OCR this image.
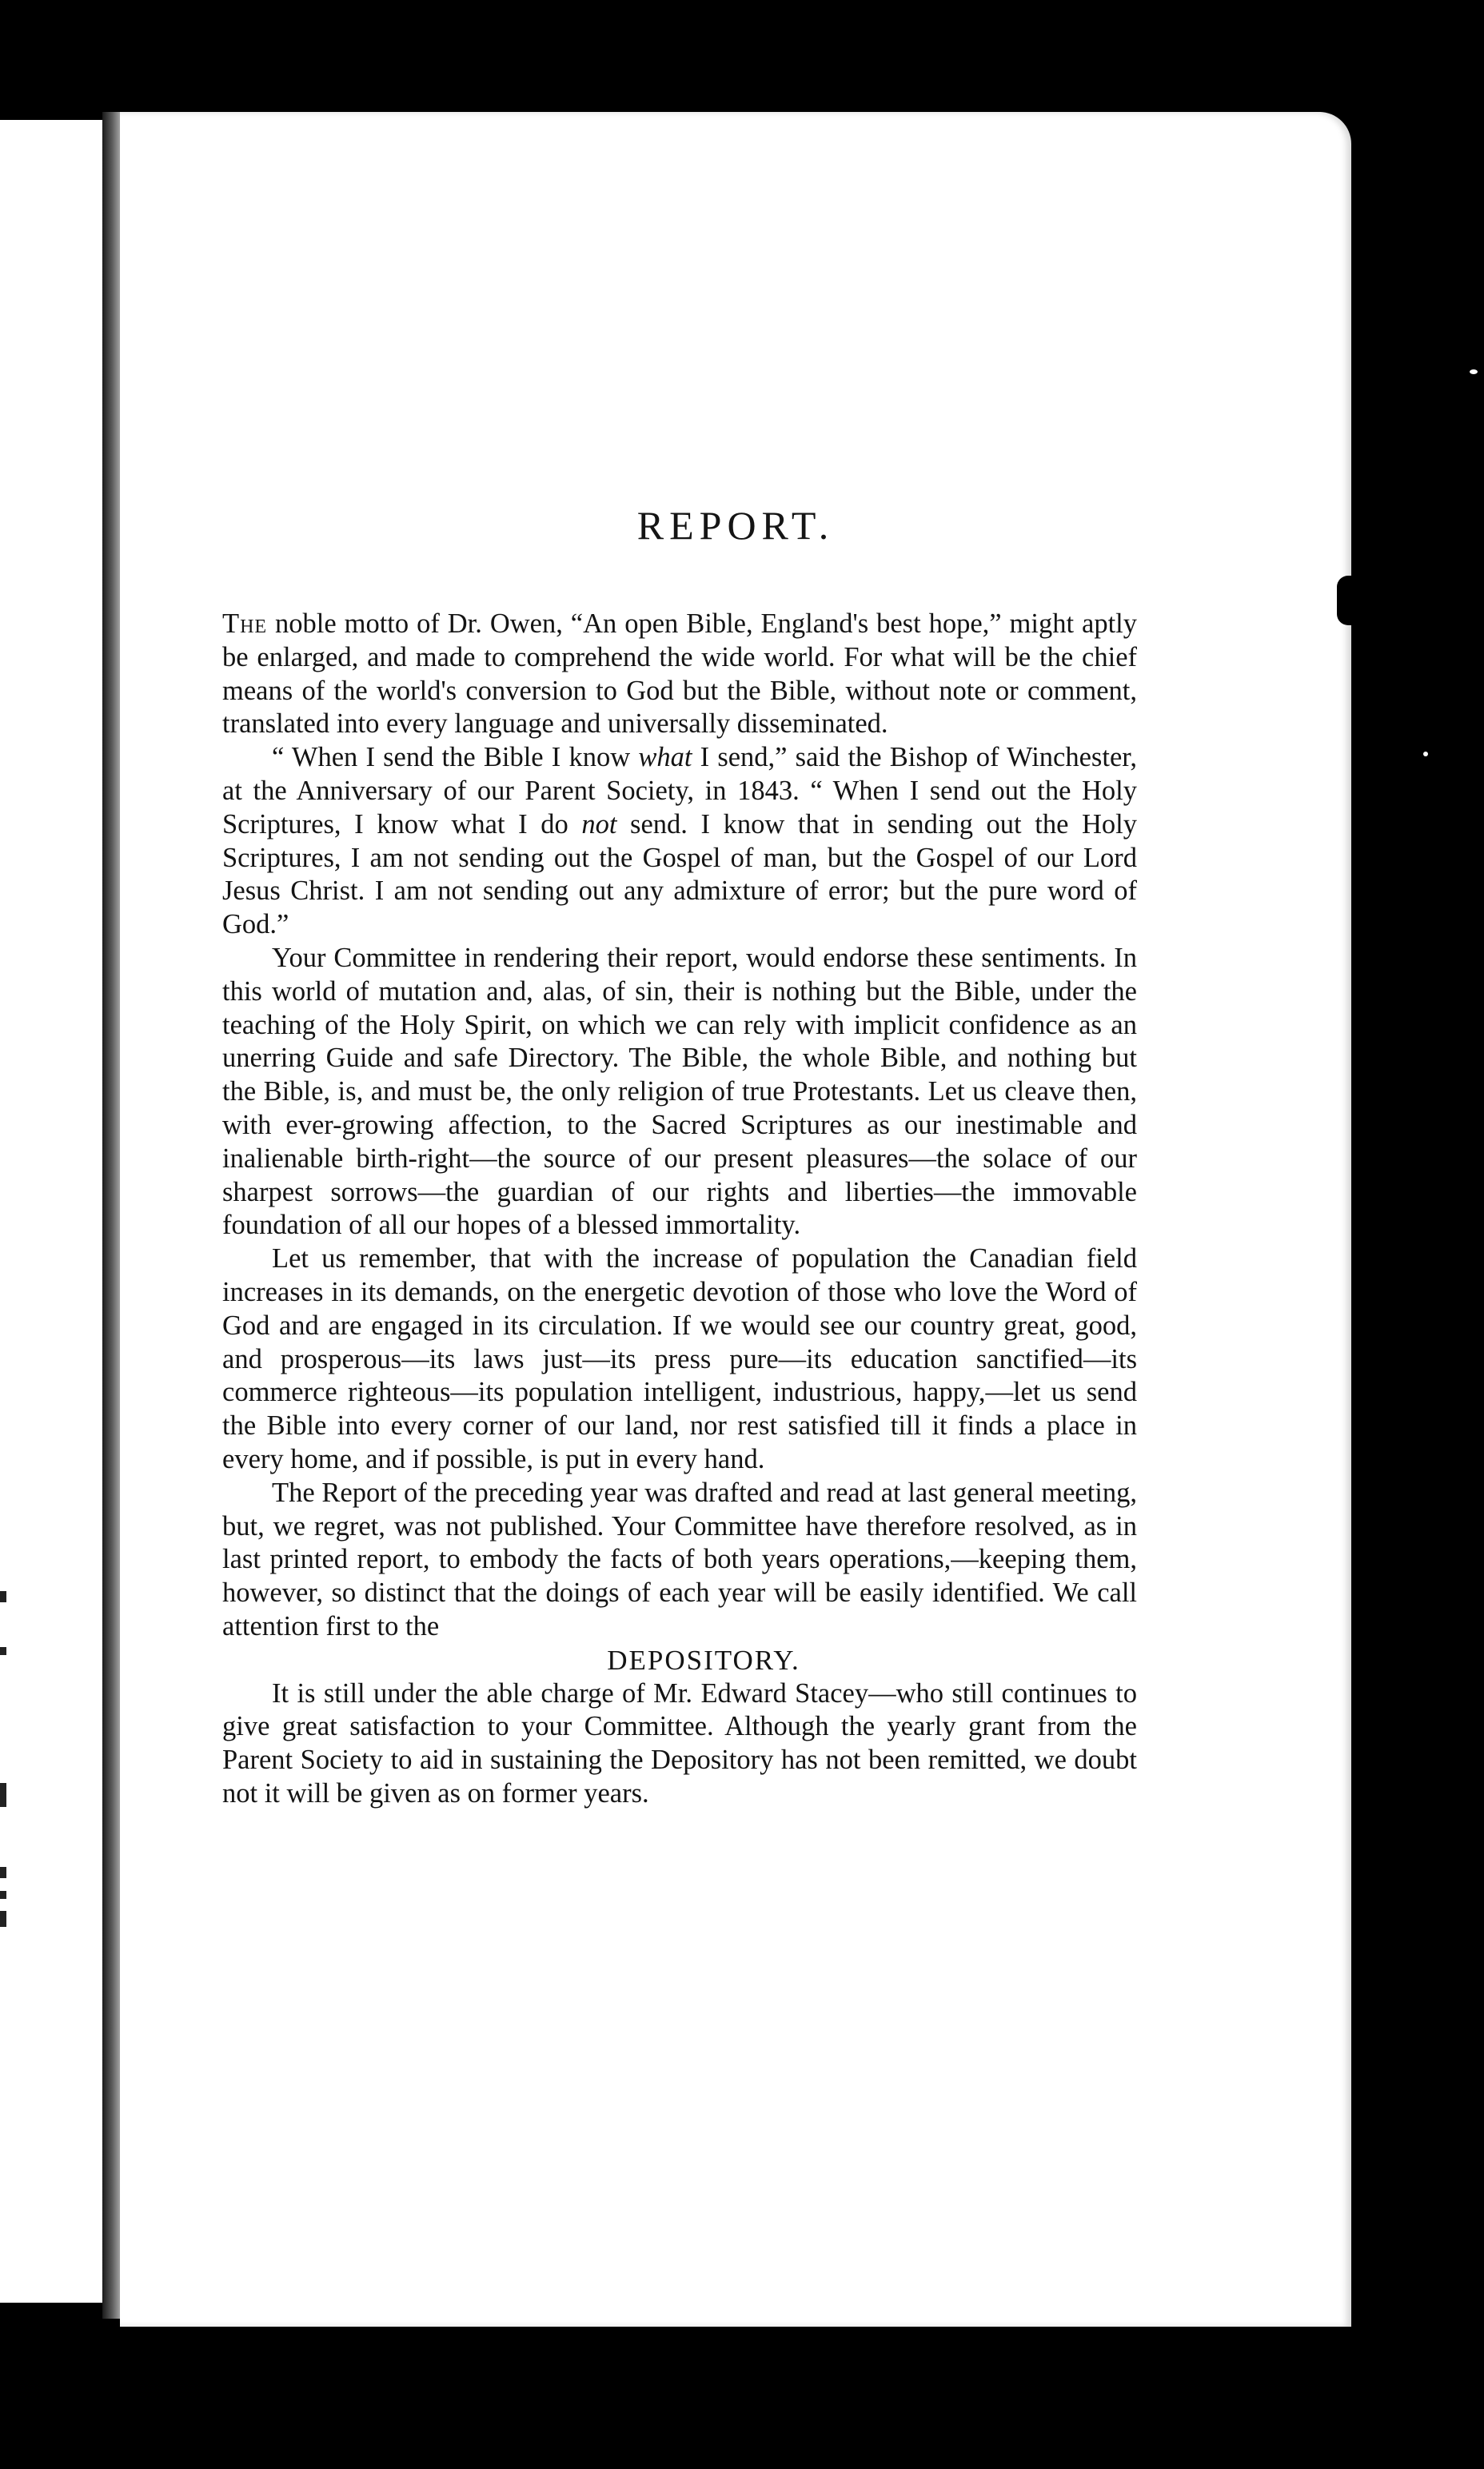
REPORT.

The noble motto of Dr. Owen, “An open Bible, England's best hope,” might aptly be enlarged, and made to comprehend the wide world. For what will be the chief means of the world's conversion to God but the Bible, without note or comment, translated into every language and universally disseminated.

“ When I send the Bible I know what I send,” said the Bishop of Winchester, at the Anniversary of our Parent Society, in 1843. “ When I send out the Holy Scriptures, I know what I do not send. I know that in sending out the Holy Scriptures, I am not sending out the Gospel of man, but the Gospel of our Lord Jesus Christ. I am not sending out any admixture of error; but the pure word of God.”

Your Committee in rendering their report, would endorse these sentiments. In this world of mutation and, alas, of sin, their is nothing but the Bible, under the teaching of the Holy Spirit, on which we can rely with implicit confidence as an unerring Guide and safe Directory. The Bible, the whole Bible, and nothing but the Bible, is, and must be, the only religion of true Protestants. Let us cleave then, with ever-growing affection, to the Sacred Scriptures as our inestimable and inalienable birth-right—the source of our present pleasures—the solace of our sharpest sorrows—the guardian of our rights and liberties—the immovable foundation of all our hopes of a blessed immortality.

Let us remember, that with the increase of population the Canadian field increases in its demands, on the energetic devotion of those who love the Word of God and are engaged in its circulation. If we would see our country great, good, and prosperous—its laws just—its press pure—its education sanctified—its commerce righteous—its population intelligent, industrious, happy,—let us send the Bible into every corner of our land, nor rest satisfied till it finds a place in every home, and if possible, is put in every hand.

The Report of the preceding year was drafted and read at last general meeting, but, we regret, was not published. Your Committee have therefore resolved, as in last printed report, to embody the facts of both years operations,—keeping them, however, so distinct that the doings of each year will be easily identified. We call attention first to the

DEPOSITORY.

It is still under the able charge of Mr. Edward Stacey—who still continues to give great satisfaction to your Committee. Although the yearly grant from the Parent Society to aid in sustaining the Depository has not been remitted, we doubt not it will be given as on former years.
